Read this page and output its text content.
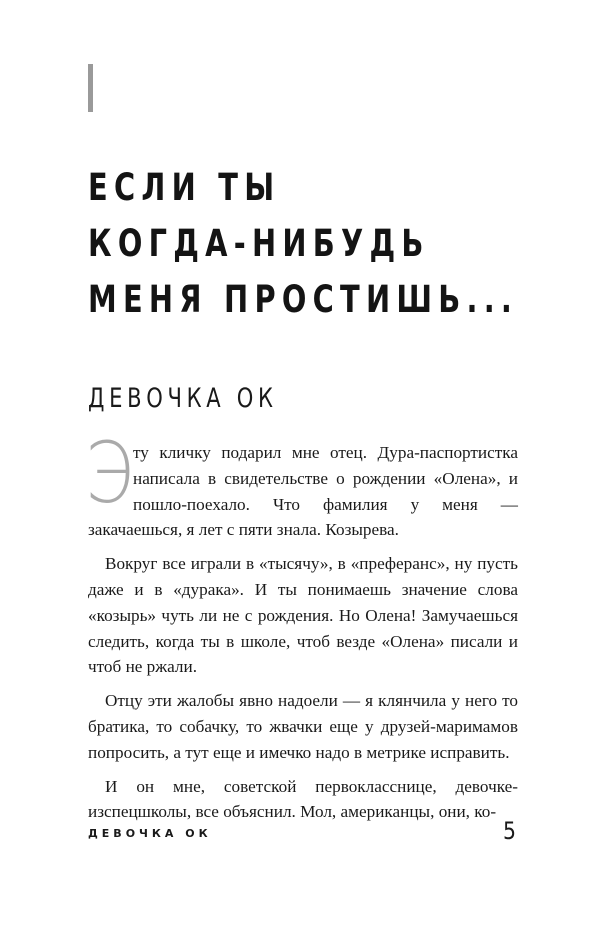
ЕСЛИ ТЫ
КОГДА-НИБУДЬ
МЕНЯ ПРОСТИШЬ...
ДЕВОЧКА ОК

Эту кличку подарил мне отец. Дура-паспортистка написала в свидетельстве о рождении «Олена», и пошло-поехало. Что фамилия у меня — закачаешься, я лет с пяти знала. Козырева.

Вокруг все играли в «тысячу», в «преферанс», ну пусть даже и в «дурака». И ты понимаешь значение слова «козырь» чуть ли не с рождения. Но Олена! Замучаешься следить, когда ты в школе, чтоб везде «Олена» писали и чтоб не ржали.

Отцу эти жалобы явно надоели — я клянчила у него то братика, то собачку, то жвачки еще у друзей-маримамов попросить, а тут еще и имечко надо в метрике исправить.

И он мне, советской первокласснице, девочке-изспецшколы, все объяснил. Мол, американцы, они, ко-

ДЕВОЧКА ОК	5
